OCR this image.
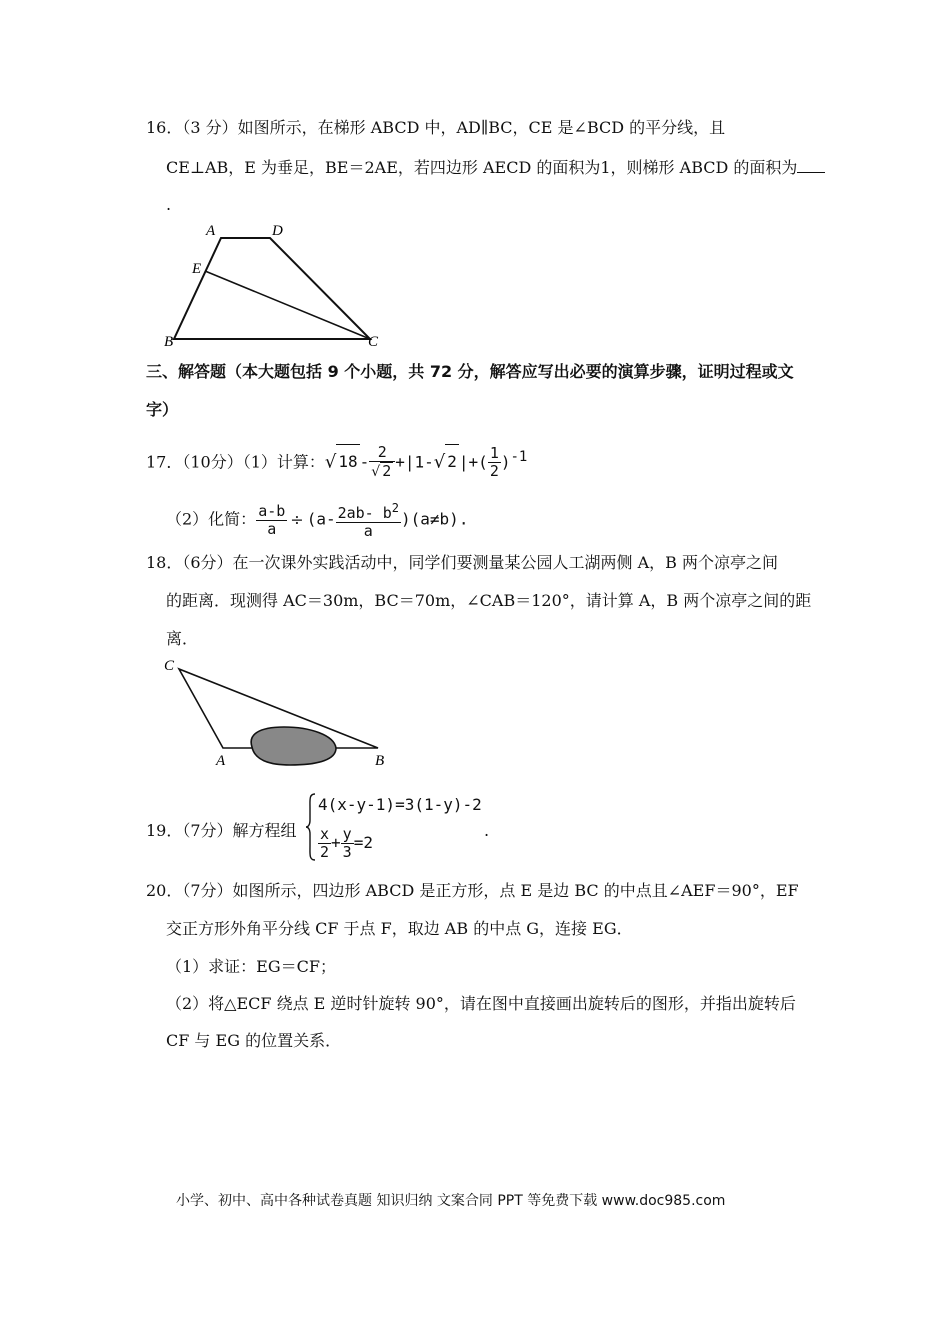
16．（3 分）如图所示，在梯形 ABCD 中，AD∥BC，CE 是∠BCD 的平分线，且
CE⊥AB，E 为垂足，BE＝2AE，若四边形 AECD 的面积为1，则梯形 ABCD 的面积为
.
A	D
E
B	C
三、解答题（本大题包括 9 个小题，共 72 分，解答应写出必要的演算步骤，证明过程或文
字）
17．（10分）（1）计算：√ $18 - \frac{2}{√ 2} +|1-√$ 2 |+( $\frac{1}{2} )^{-1}$
（2）化简： $\frac{a-b}{a} \div (a- \frac{2ab- b^2}{a} )(a\ne b)$.
18．（6分）在一次课外实践活动中，同学们要测量某公园人工湖两侧 A，B 两个凉亭之间
的距离．现测得 AC＝30m，BC＝70m，∠CAB＝120°，请计算 A，B 两个凉亭之间的距
离．
C
A	B
19．（7分）解方程组
4(x-y-1)=3(1-y)-2
$\frac{x}{2} + \frac{y}{3} =2$
.
20．（7分）如图所示，四边形 ABCD 是正方形，点 E 是边 BC 的中点且∠AEF＝90°，EF
交正方形外角平分线 CF 于点 F，取边 AB 的中点 G，连接 EG．
（1）求证：EG＝CF；
（2）将△ECF 绕点 E 逆时针旋转 90°，请在图中直接画出旋转后的图形，并指出旋转后
CF 与 EG 的位置关系．
小学、初中、高中各种试卷真题 知识归纳 文案合同 PPT 等免费下载 www.doc985.com
